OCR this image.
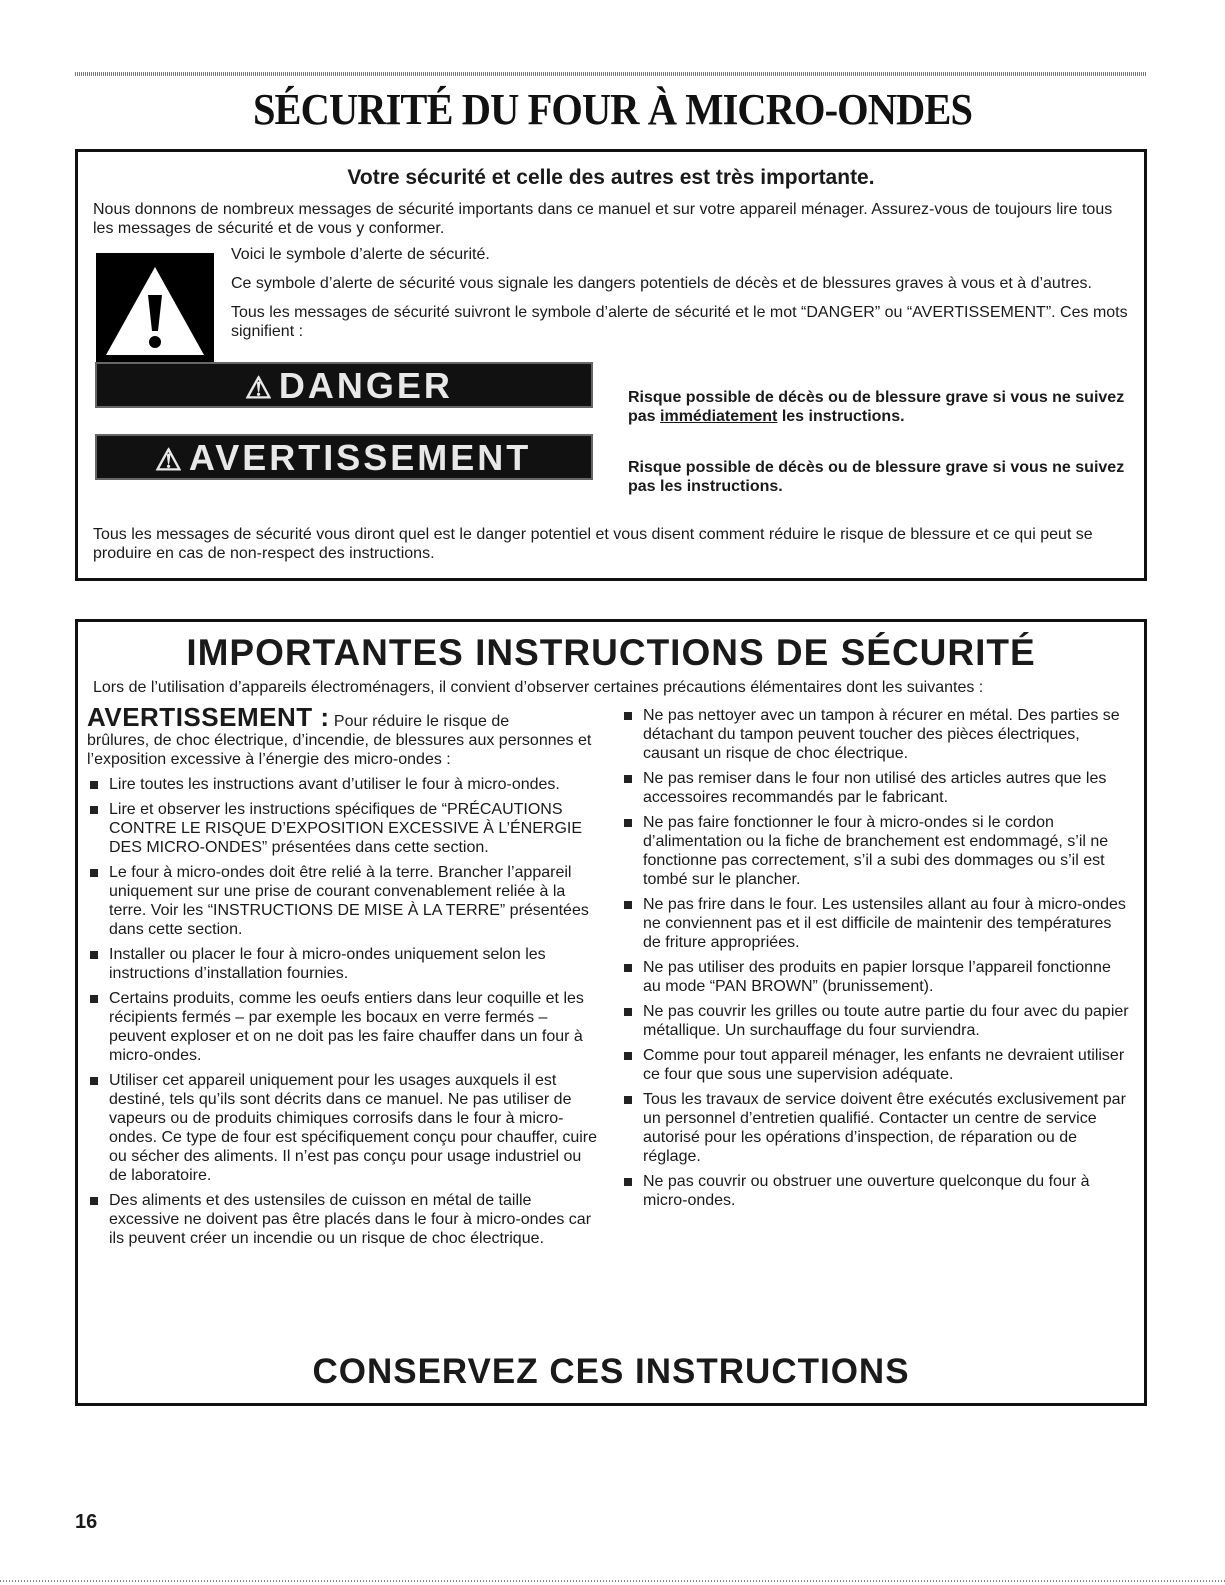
SÉCURITÉ DU FOUR À MICRO-ONDES
Votre sécurité et celle des autres est très importante.

Nous donnons de nombreux messages de sécurité importants dans ce manuel et sur votre appareil ménager. Assurez-vous de toujours lire tous les messages de sécurité et de vous y conformer.

Voici le symbole d’alerte de sécurité.

Ce symbole d’alerte de sécurité vous signale les dangers potentiels de décès et de blessures graves à vous et à d’autres.

Tous les messages de sécurité suivront le symbole d’alerte de sécurité et le mot “DANGER” ou “AVERTISSEMENT”. Ces mots signifient :

⚠ DANGER	Risque possible de décès ou de blessure grave si vous ne suivez pas immédiatement les instructions.

⚠ AVERTISSEMENT	Risque possible de décès ou de blessure grave si vous ne suivez pas les instructions.

Tous les messages de sécurité vous diront quel est le danger potentiel et vous disent comment réduire le risque de blessure et ce qui peut se produire en cas de non-respect des instructions.

IMPORTANTES INSTRUCTIONS DE SÉCURITÉ

Lors de l’utilisation d’appareils électroménagers, il convient d’observer certaines précautions élémentaires dont les suivantes :

AVERTISSEMENT : Pour réduire le risque de

brûlures, de choc électrique, d’incendie, de blessures aux personnes et l’exposition excessive à l’énergie des micro-ondes :

Lire toutes les instructions avant d’utiliser le four à micro-ondes.
Lire et observer les instructions spécifiques de “PRÉCAUTIONS CONTRE LE RISQUE D’EXPOSITION EXCESSIVE À L’ÉNERGIE DES MICRO-ONDES” présentées dans cette section.
Le four à micro-ondes doit être relié à la terre. Brancher l’appareil uniquement sur une prise de courant convenablement reliée à la terre. Voir les “INSTRUCTIONS DE MISE À LA TERRE” présentées dans cette section.
Installer ou placer le four à micro-ondes uniquement selon les instructions d’installation fournies.
Certains produits, comme les oeufs entiers dans leur coquille et les récipients fermés – par exemple les bocaux en verre fermés – peuvent exploser et on ne doit pas les faire chauffer dans un four à micro-ondes.
Utiliser cet appareil uniquement pour les usages auxquels il est destiné, tels qu’ils sont décrits dans ce manuel. Ne pas utiliser de vapeurs ou de produits chimiques corrosifs dans le four à micro-ondes. Ce type de four est spécifiquement conçu pour chauffer, cuire ou sécher des aliments. Il n’est pas conçu pour usage industriel ou de laboratoire.
Des aliments et des ustensiles de cuisson en métal de taille excessive ne doivent pas être placés dans le four à micro-ondes car ils peuvent créer un incendie ou un risque de choc électrique.
Ne pas nettoyer avec un tampon à récurer en métal. Des parties se détachant du tampon peuvent toucher des pièces électriques, causant un risque de choc électrique.
Ne pas remiser dans le four non utilisé des articles autres que les accessoires recommandés par le fabricant.
Ne pas faire fonctionner le four à micro-ondes si le cordon d’alimentation ou la fiche de branchement est endommagé, s’il ne fonctionne pas correctement, s’il a subi des dommages ou s’il est tombé sur le plancher.
Ne pas frire dans le four. Les ustensiles allant au four à micro-ondes ne conviennent pas et il est difficile de maintenir des températures de friture appropriées.
Ne pas utiliser des produits en papier lorsque l’appareil fonctionne au mode “PAN BROWN” (brunissement).
Ne pas couvrir les grilles ou toute autre partie du four avec du papier métallique. Un surchauffage du four surviendra.
Comme pour tout appareil ménager, les enfants ne devraient utiliser ce four que sous une supervision adéquate.
Tous les travaux de service doivent être exécutés exclusivement par un personnel d’entretien qualifié. Contacter un centre de service autorisé pour les opérations d’inspection, de réparation ou de réglage.
Ne pas couvrir ou obstruer une ouverture quelconque du four à micro-ondes.
CONSERVEZ CES INSTRUCTIONS
16
